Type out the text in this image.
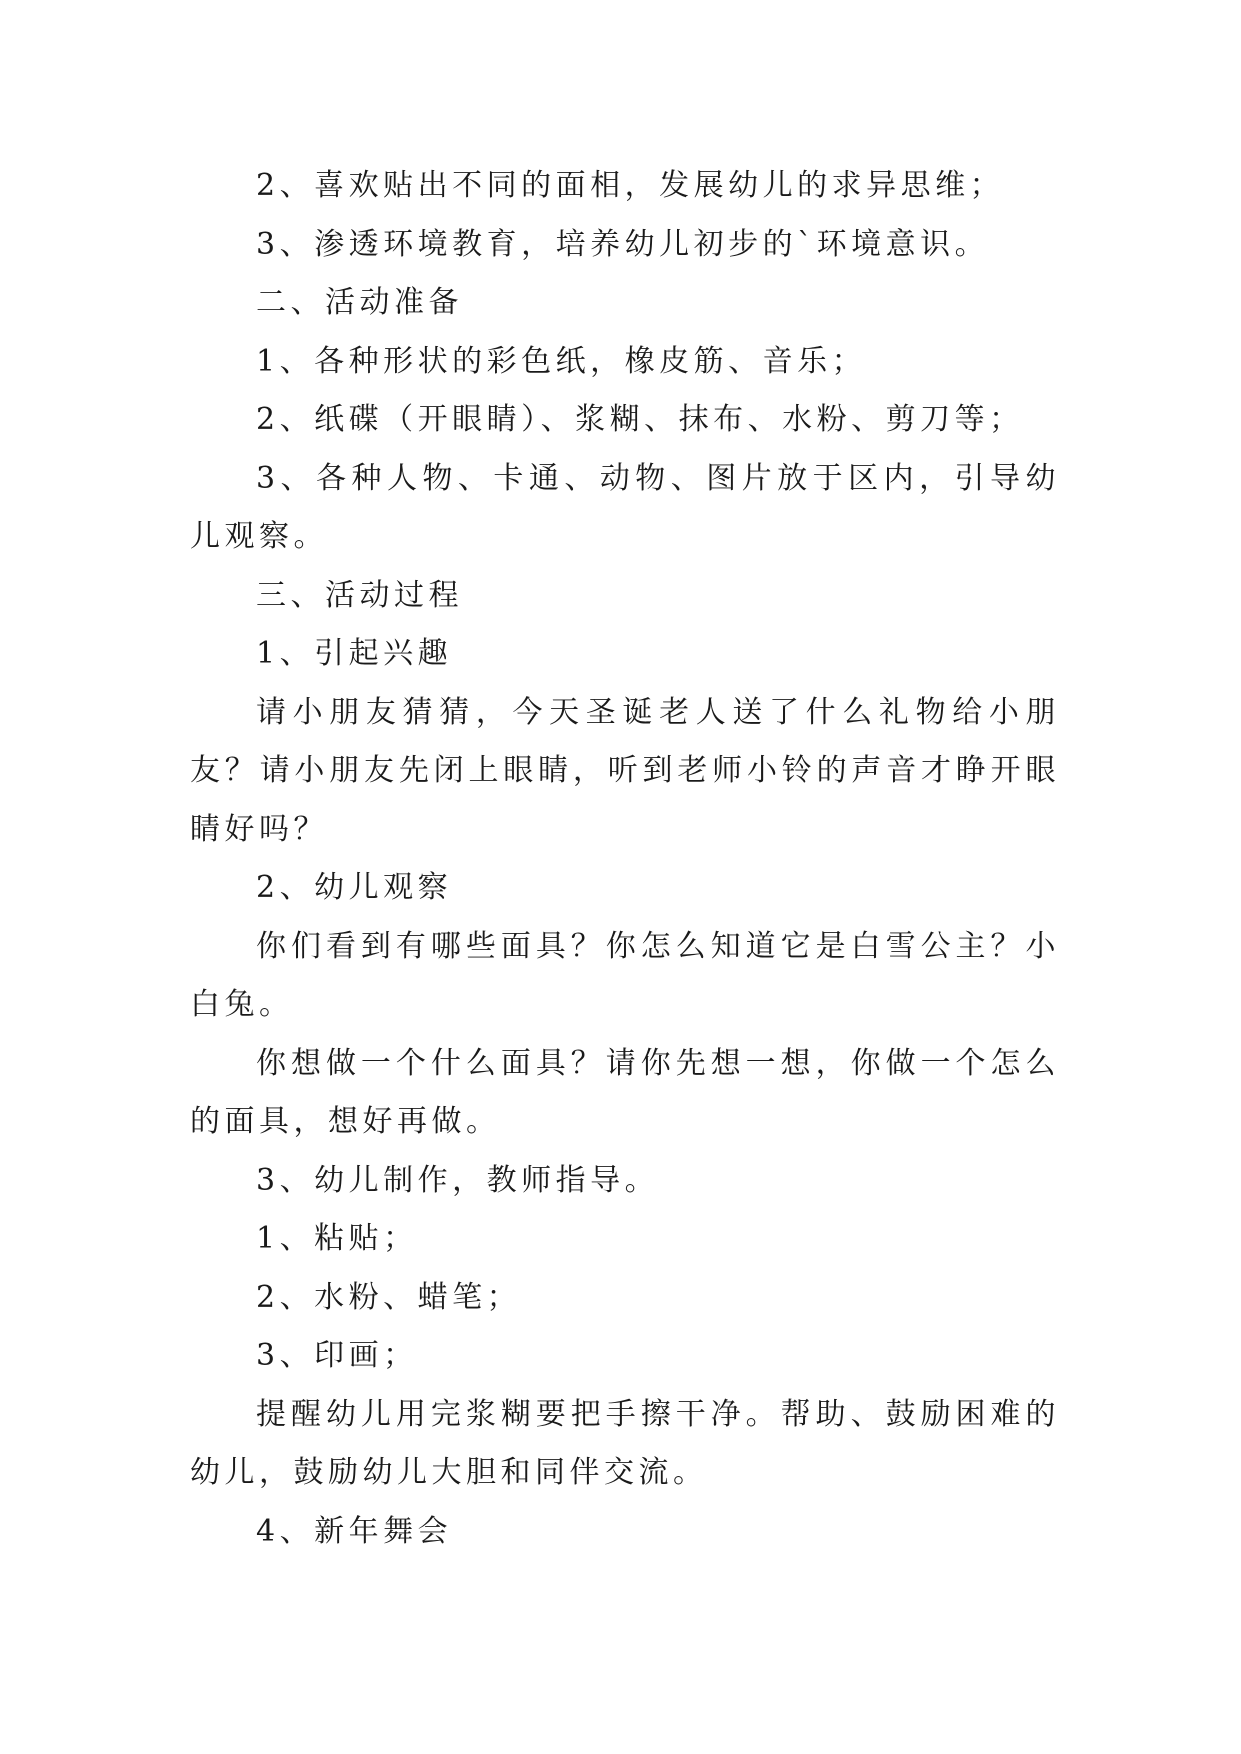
2、喜欢贴出不同的面相，发展幼儿的求异思维；

3、渗透环境教育，培养幼儿初步的`环境意识。

二、活动准备

1、各种形状的彩色纸，橡皮筋、音乐；

2、纸碟（开眼睛）、浆糊、抹布、水粉、剪刀等；

3、各种人物、卡通、动物、图片放于区内，引导幼儿观察。

三、活动过程

1、引起兴趣

请小朋友猜猜，今天圣诞老人送了什么礼物给小朋友？请小朋友先闭上眼睛，听到老师小铃的声音才睁开眼睛好吗？

2、幼儿观察

你们看到有哪些面具？你怎么知道它是白雪公主？小白兔。

你想做一个什么面具？请你先想一想，你做一个怎么的面具，想好再做。

3、幼儿制作，教师指导。

1、粘贴；

2、水粉、蜡笔；

3、印画；

提醒幼儿用完浆糊要把手擦干净。帮助、鼓励困难的幼儿，鼓励幼儿大胆和同伴交流。

4、新年舞会
